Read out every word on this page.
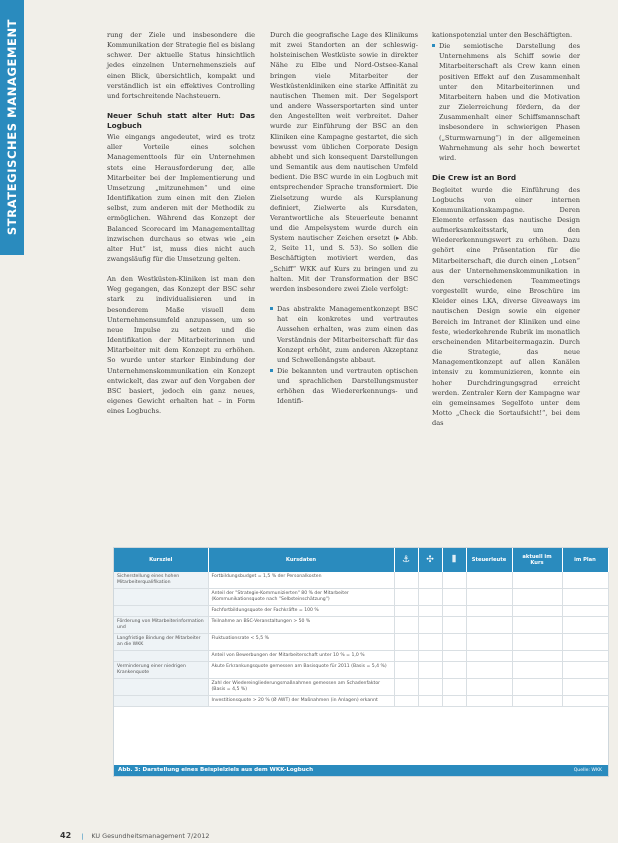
STRATEGISCHES MANAGEMENT	rung der Ziele und insbesondere die Kommunikation der Strategie fiel es bislang schwer. Der aktuelle Status hinsichtlich jedes einzelnen Unternehmensziels auf einen Blick, übersichtlich, kompakt und verständlich ist ein effektives Controlling und fortschreitende Nachsteuern.

Neuer Schuh statt alter Hut: Das Logbuch

Wie eingangs angedeutet, wird es trotz aller Vorteile eines solchen Managementtools für ein Unternehmen stets eine Herausforderung der, alle Mitarbeiter bei der Implementierung und Umsetzung „mitzunehmen“ und eine Identifikation zum einen mit den Zielen selbst, zum anderen mit der Methodik zu ermöglichen. Während das Konzept der Balanced Scorecard im Managementalltag inzwischen durchaus so etwas wie „ein alter Hut“ ist, muss dies nicht auch zwangsläufig für die Umsetzung gelten.

An den Westküsten-Kliniken ist man den Weg gegangen, das Konzept der BSC sehr stark zu individualisieren und in besonderem Maße visuell dem Unternehmensumfeld anzupassen, um so neue Impulse zu setzen und die Identifikation der Mitarbeiterinnen und Mitarbeiter mit dem Konzept zu erhöhen. So wurde unter starker Einbindung der Unternehmenskommunikation ein Konzept entwickelt, das zwar auf den Vorgaben der BSC basiert, jedoch ein ganz neues, eigenes Gewicht erhalten hat – in Form eines Logbuchs.

Durch die geografische Lage des Klinikums mit zwei Standorten an der schleswig-holsteinischen Westküste sowie in direkter Nähe zu Elbe und Nord-Ostsee-Kanal bringen viele Mitarbeiter der Westküstenkliniken eine starke Affinität zu nautischen Themen mit. Der Segelsport und andere Wassersportarten sind unter den Angestellten weit verbreitet. Daher wurde zur Einführung der BSC an den Kliniken eine Kampagne gestartet, die sich bewusst vom üblichen Corporate Design abhebt und sich konsequent Darstellungen und Semantik aus dem nautischen Umfeld bedient. Die BSC wurde in ein Logbuch mit entsprechender Sprache transformiert. Die Zielsetzung wurde als Kursplanung definiert, Zielwerte als Kursdaten, Verantwortliche als Steuerleute benannt und die Ampelsystem wurde durch ein System nautischer Zeichen ersetzt (▸ Abb. 2, Seite 11, und S. 53). So sollen die Beschäftigten motiviert werden, das „Schiff“ WKK auf Kurs zu bringen und zu halten. Mit der Transformation der BSC werden insbesondere zwei Ziele verfolgt:

Das abstrakte Managementkonzept BSC hat ein konkretes und vertrautes Aussehen erhalten, was zum einen das Verständnis der Mitarbeiterschaft für das Konzept erhöht, zum anderen Akzeptanz und Schwellenängste abbaut.
Die bekannten und vertrauten optischen und sprachlichen Darstellungsmuster erhöhen das Wiedererkennungs- und Identifi-

kationspotenzial unter den Beschäftigten.

Die semiotische Darstellung des Unternehmens als Schiff sowie der Mitarbeiterschaft als Crew kann einen positiven Effekt auf den Zusammenhalt unter den Mitarbeiterinnen und Mitarbeitern haben und die Motivation zur Zielerreichung fördern, da der Zusammenhalt einer Schiffsmannschaft insbesondere in schwierigen Phasen („Sturmwarnung“) in der allgemeinen Wahrnehmung als sehr hoch bewertet wird.
Die Crew ist an Bord

Begleitet wurde die Einführung des Logbuchs von einer internen Kommunikationskampagne. Deren Elemente erfassen das nautische Design aufmerksamkeitsstark, um den Wiedererkennungswert zu erhöhen. Dazu gehört eine Präsentation für die Mitarbeiterschaft, die durch einen „Lotsen“ aus der Unternehmenskommunikation in den verschiedenen Teammeetings vorgestellt wurde, eine Broschüre im Kleider eines LKA, diverse Giveaways im nautischen Design sowie ein eigener Bereich im Intranet der Kliniken und eine feste, wiederkehrende Rubrik im monatlich erscheinenden Mitarbeitermagazin. Durch die Strategie, das neue Managementkonzept auf allen Kanälen intensiv zu kommunizieren, konnte ein hoher Durchdringungsgrad erreicht werden. Zentraler Kern der Kampagne war ein gemeinsames Segelfoto unter dem Motto „Check die Sortaufsicht!“, bei dem das

Kursziel	Kursdaten	⚓	✣	⫴	Steuerleute	aktuell im Kurs	im Plan
Sicherstellung eines hohen Mitarbeiterqualifikation	Fortbildungsbudget = 1,5 % der Personalkosten						
	Anteil der "Strategie-Kommunizierten" 80 % der Mitarbeiter (Kommunikationsquote nach "Selbsteinschätzung")						
	Fachfortbildungsquote der Fachkräfte = 100 %						
Förderung von Mitarbeiterinformation und	Teilnahme an BSC-Veranstaltungen > 50 %						
Langfristige Bindung der Mitarbeiter an die WKK	Fluktuationsrate < 5,5 %						
	Anteil von Bewerbungen der Mitarbeiterschaft unter 10 % = 1,0 %						
Verminderung einer niedrigen Krankenquote	Akute Erkrankungsquote gemessen am Basisquote für 2011 (Basis = 5,4 %)						
	Zahl der Wiedereingliederungsmaßnahmen gemessen am Schadenfaktor (Basis = 4,5 %)						
	Investitionsquote > 20 % (Ø AWT) der Maßnahmen (in Anlagen) erkannt						
Abb. 3: Darstellung eines Beispielziels aus dem WKK-Logbuch	Quelle: WKK
42 | KU Gesundheitsmanagement 7/2012
